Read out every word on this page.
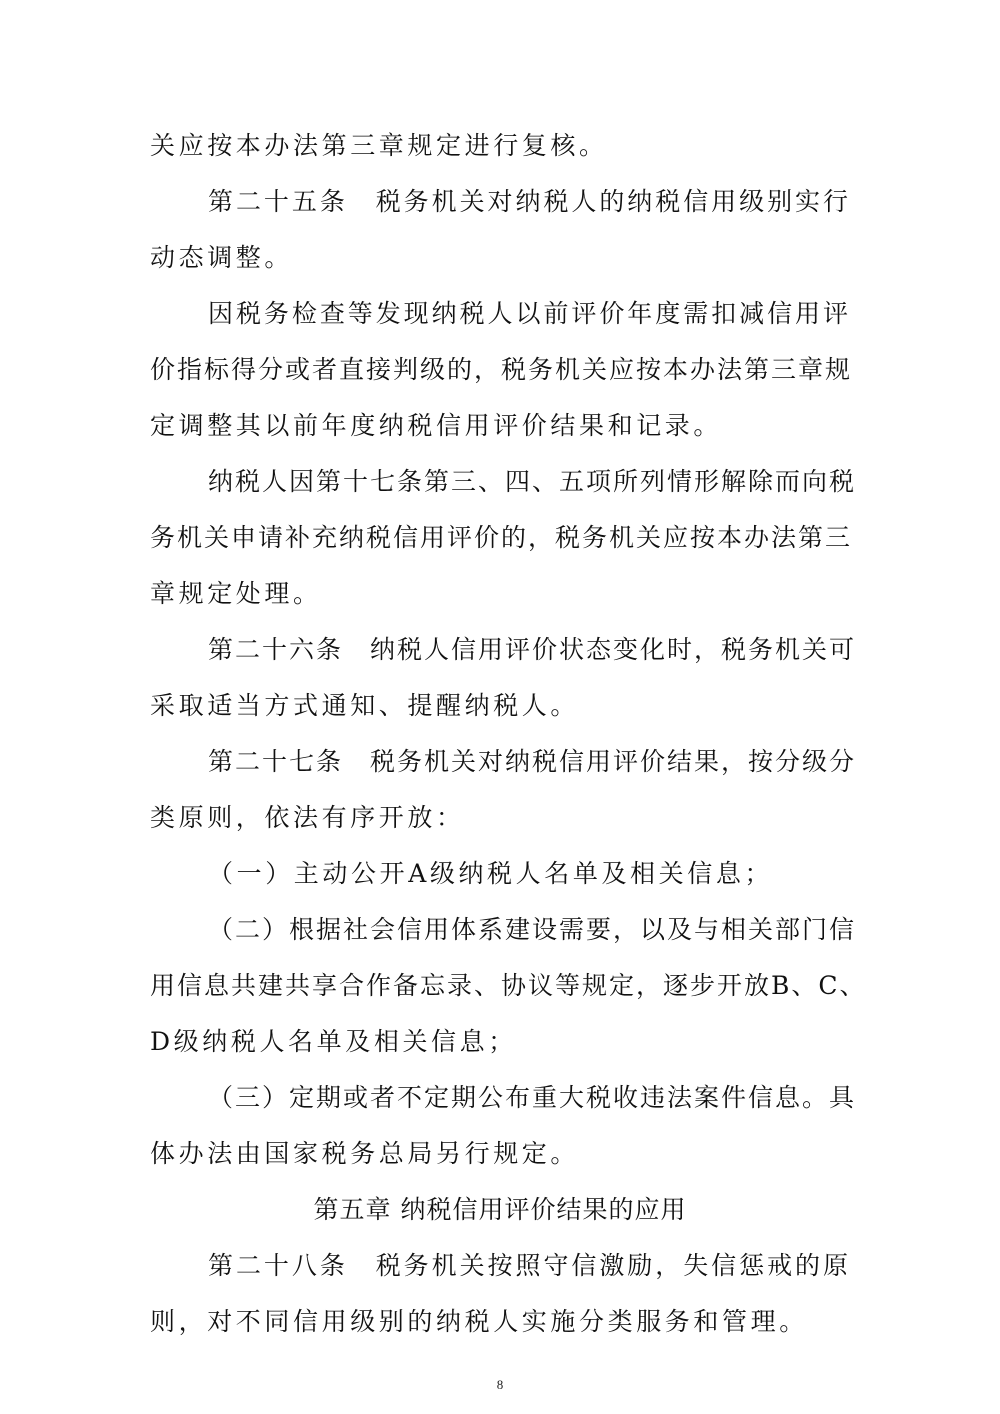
关应按本办法第三章规定进行复核。
第二十五条　税务机关对纳税人的纳税信用级别实行
动态调整。
因税务检查等发现纳税人以前评价年度需扣减信用评
价指标得分或者直接判级的，税务机关应按本办法第三章规
定调整其以前年度纳税信用评价结果和记录。
纳税人因第十七条第三、四、五项所列情形解除而向税
务机关申请补充纳税信用评价的，税务机关应按本办法第三
章规定处理。
第二十六条　纳税人信用评价状态变化时，税务机关可
采取适当方式通知、提醒纳税人。
第二十七条　税务机关对纳税信用评价结果，按分级分
类原则，依法有序开放：
（一）主动公开A级纳税人名单及相关信息；
（二）根据社会信用体系建设需要，以及与相关部门信
用信息共建共享合作备忘录、协议等规定，逐步开放B、C、
D级纳税人名单及相关信息；
（三）定期或者不定期公布重大税收违法案件信息。具
体办法由国家税务总局另行规定。
第五章 纳税信用评价结果的应用
第二十八条　税务机关按照守信激励，失信惩戒的原
则，对不同信用级别的纳税人实施分类服务和管理。
8
